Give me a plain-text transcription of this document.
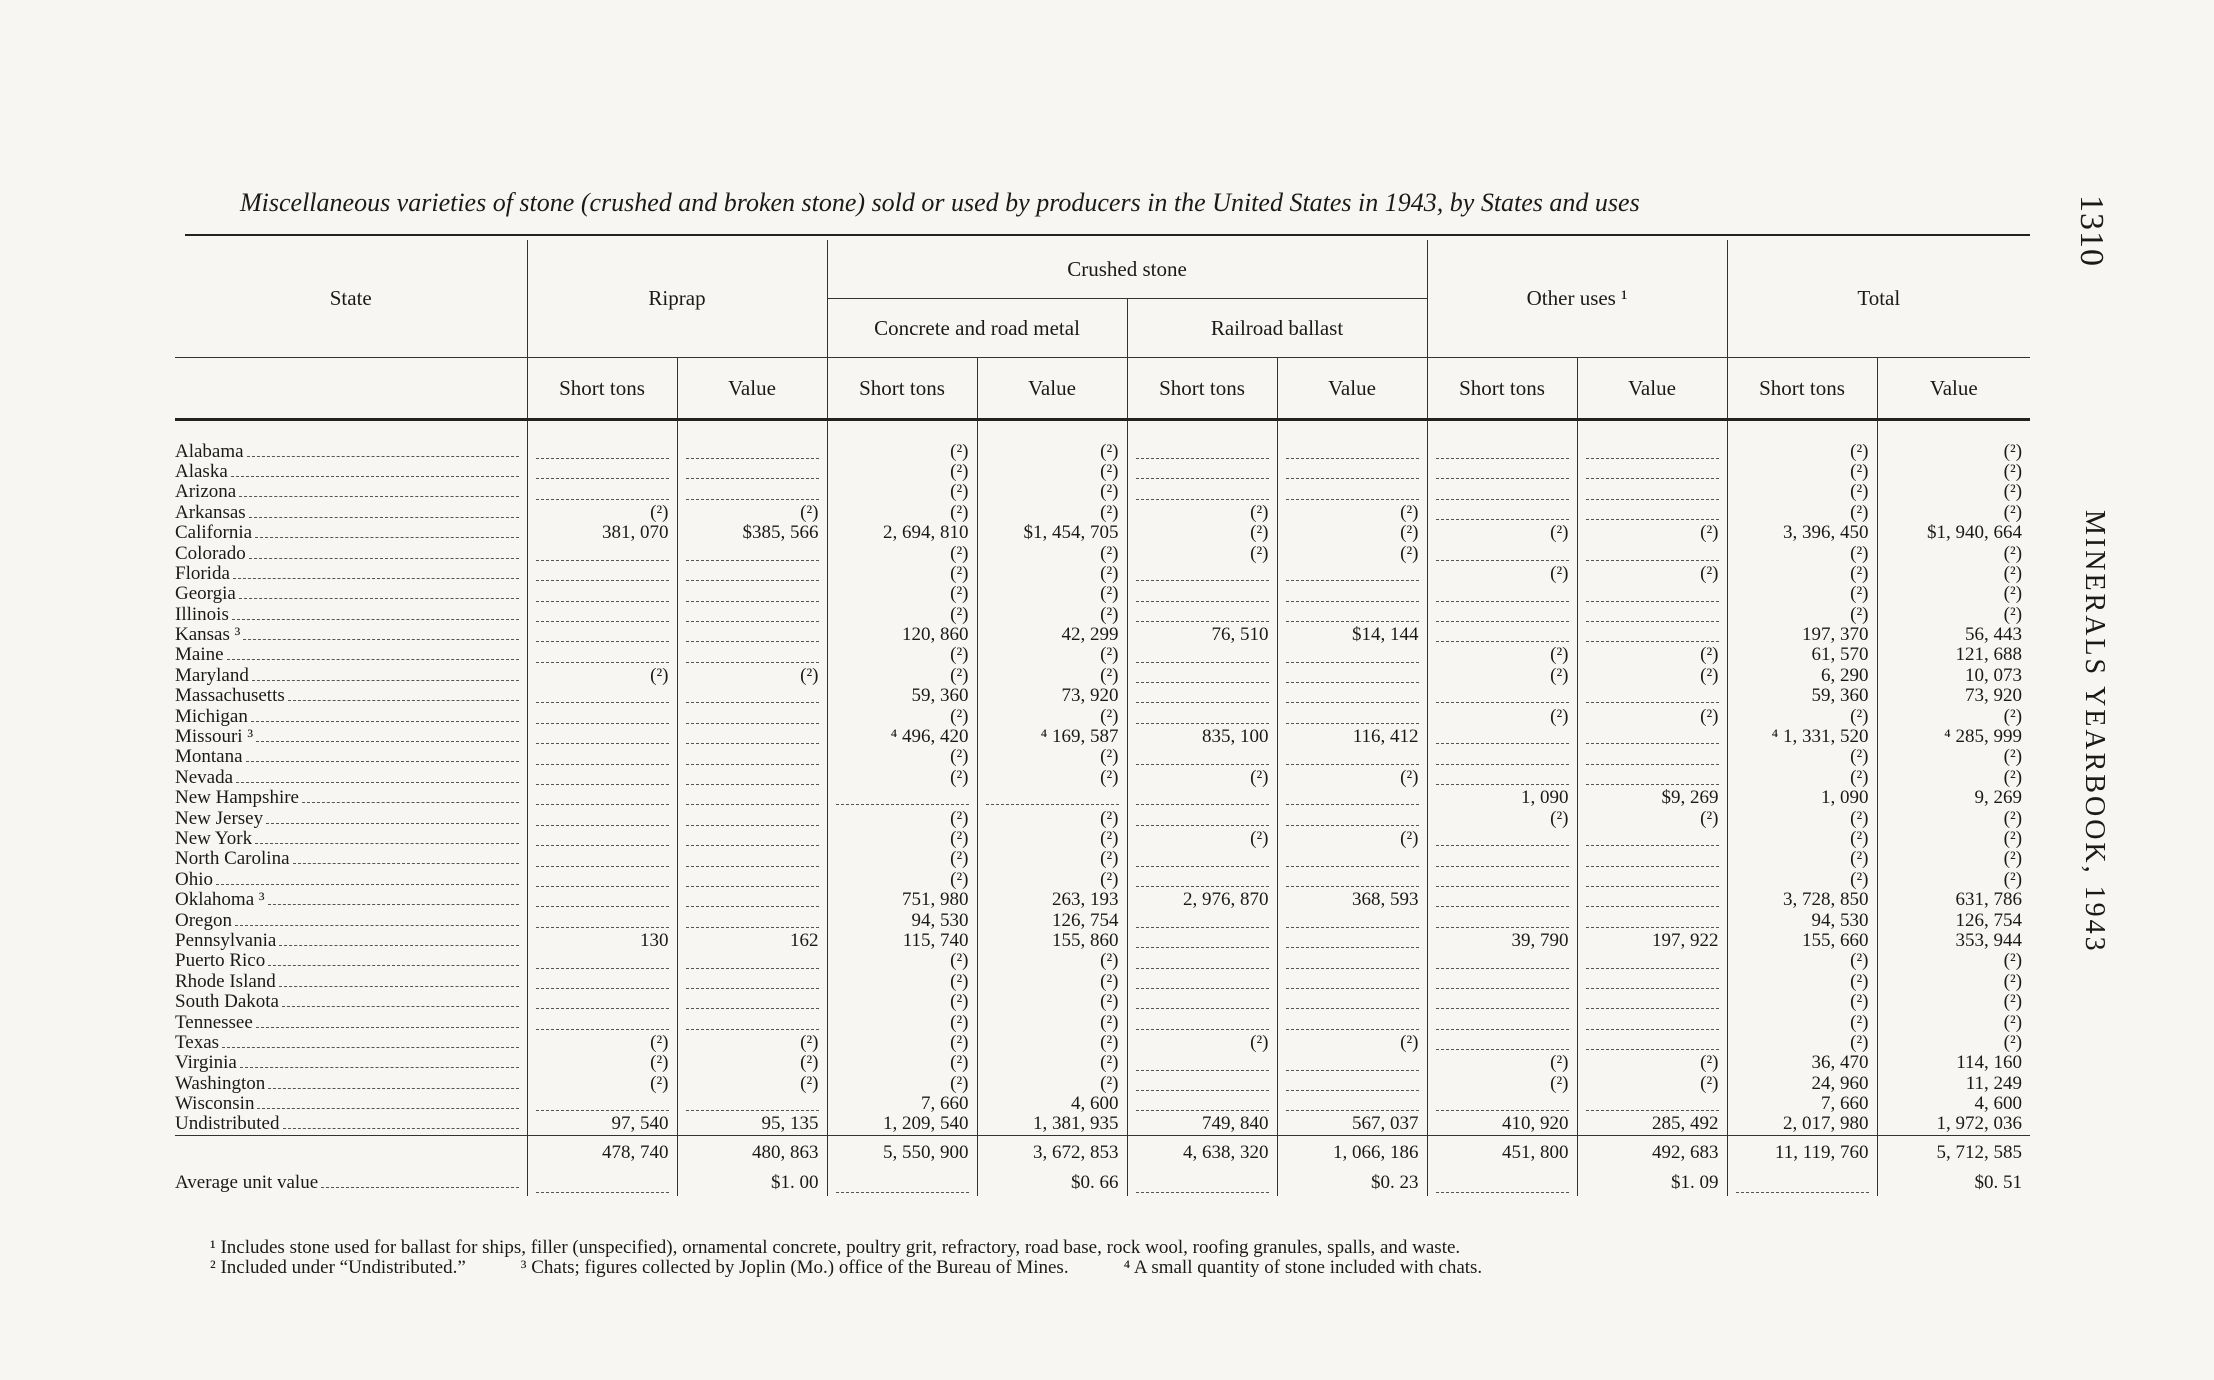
Miscellaneous varieties of stone (crushed and broken stone) sold or used by producers in the United States in 1943, by States and uses	1310
MINERALS YEARBOOK, 1943
State	Riprap		Crushed stone				Other uses ¹		Total	
			Concrete and road metal		Railroad ballast					
	Short tons	Value	Short tons	Value	Short tons	Value	Short tons	Value	Short tons	Value

Alabama			(²)	(²)					(²)	(²)

Alaska			(²)	(²)					(²)	(²)

Arizona			(²)	(²)					(²)	(²)

Arkansas	(²)	(²)	(²)	(²)	(²)	(²)			(²)	(²)

California	381, 070	$385, 566	2, 694, 810	$1, 454, 705	(²)	(²)	(²)	(²)	3, 396, 450	$1, 940, 664

Colorado			(²)	(²)	(²)	(²)			(²)	(²)

Florida			(²)	(²)			(²)	(²)	(²)	(²)

Georgia			(²)	(²)					(²)	(²)

Illinois			(²)	(²)					(²)	(²)

Kansas ³			120, 860	42, 299	76, 510	$14, 144			197, 370	56, 443

Maine			(²)	(²)			(²)	(²)	61, 570	121, 688

Maryland	(²)	(²)	(²)	(²)			(²)	(²)	6, 290	10, 073

Massachusetts			59, 360	73, 920					59, 360	73, 920

Michigan			(²)	(²)			(²)	(²)	(²)	(²)

Missouri ³			⁴ 496, 420	⁴ 169, 587	835, 100	116, 412			⁴ 1, 331, 520	⁴ 285, 999

Montana			(²)	(²)					(²)	(²)

Nevada			(²)	(²)	(²)	(²)			(²)	(²)

New Hampshire							1, 090	$9, 269	1, 090	9, 269

New Jersey			(²)	(²)			(²)	(²)	(²)	(²)

New York			(²)	(²)	(²)	(²)			(²)	(²)

North Carolina			(²)	(²)					(²)	(²)

Ohio			(²)	(²)					(²)	(²)

Oklahoma ³			751, 980	263, 193	2, 976, 870	368, 593			3, 728, 850	631, 786

Oregon			94, 530	126, 754					94, 530	126, 754

Pennsylvania	130	162	115, 740	155, 860			39, 790	197, 922	155, 660	353, 944

Puerto Rico			(²)	(²)					(²)	(²)

Rhode Island			(²)	(²)					(²)	(²)

South Dakota			(²)	(²)					(²)	(²)

Tennessee			(²)	(²)					(²)	(²)

Texas	(²)	(²)	(²)	(²)	(²)	(²)			(²)	(²)

Virginia	(²)	(²)	(²)	(²)			(²)	(²)	36, 470	114, 160

Washington	(²)	(²)	(²)	(²)			(²)	(²)	24, 960	11, 249

Wisconsin			7, 660	4, 600					7, 660	4, 600

Undistributed	97, 540	95, 135	1, 209, 540	1, 381, 935	749, 840	567, 037	410, 920	285, 492	2, 017, 980	1, 972, 036
	478, 740	480, 863	5, 550, 900	3, 672, 853	4, 638, 320	1, 066, 186	451, 800	492, 683	11, 119, 760	5, 712, 585

Average unit value		$1. 00		$0. 66		$0. 23		$1. 09		$0. 51
¹ Includes stone used for ballast for ships, filler (unspecified), ornamental concrete, poultry grit, refractory, road base, rock wool, roofing granules, spalls, and waste.
² Included under “Undistributed.”	³ Chats; figures collected by Joplin (Mo.) office of the Bureau of Mines.	⁴ A small quantity of stone included with chats.
